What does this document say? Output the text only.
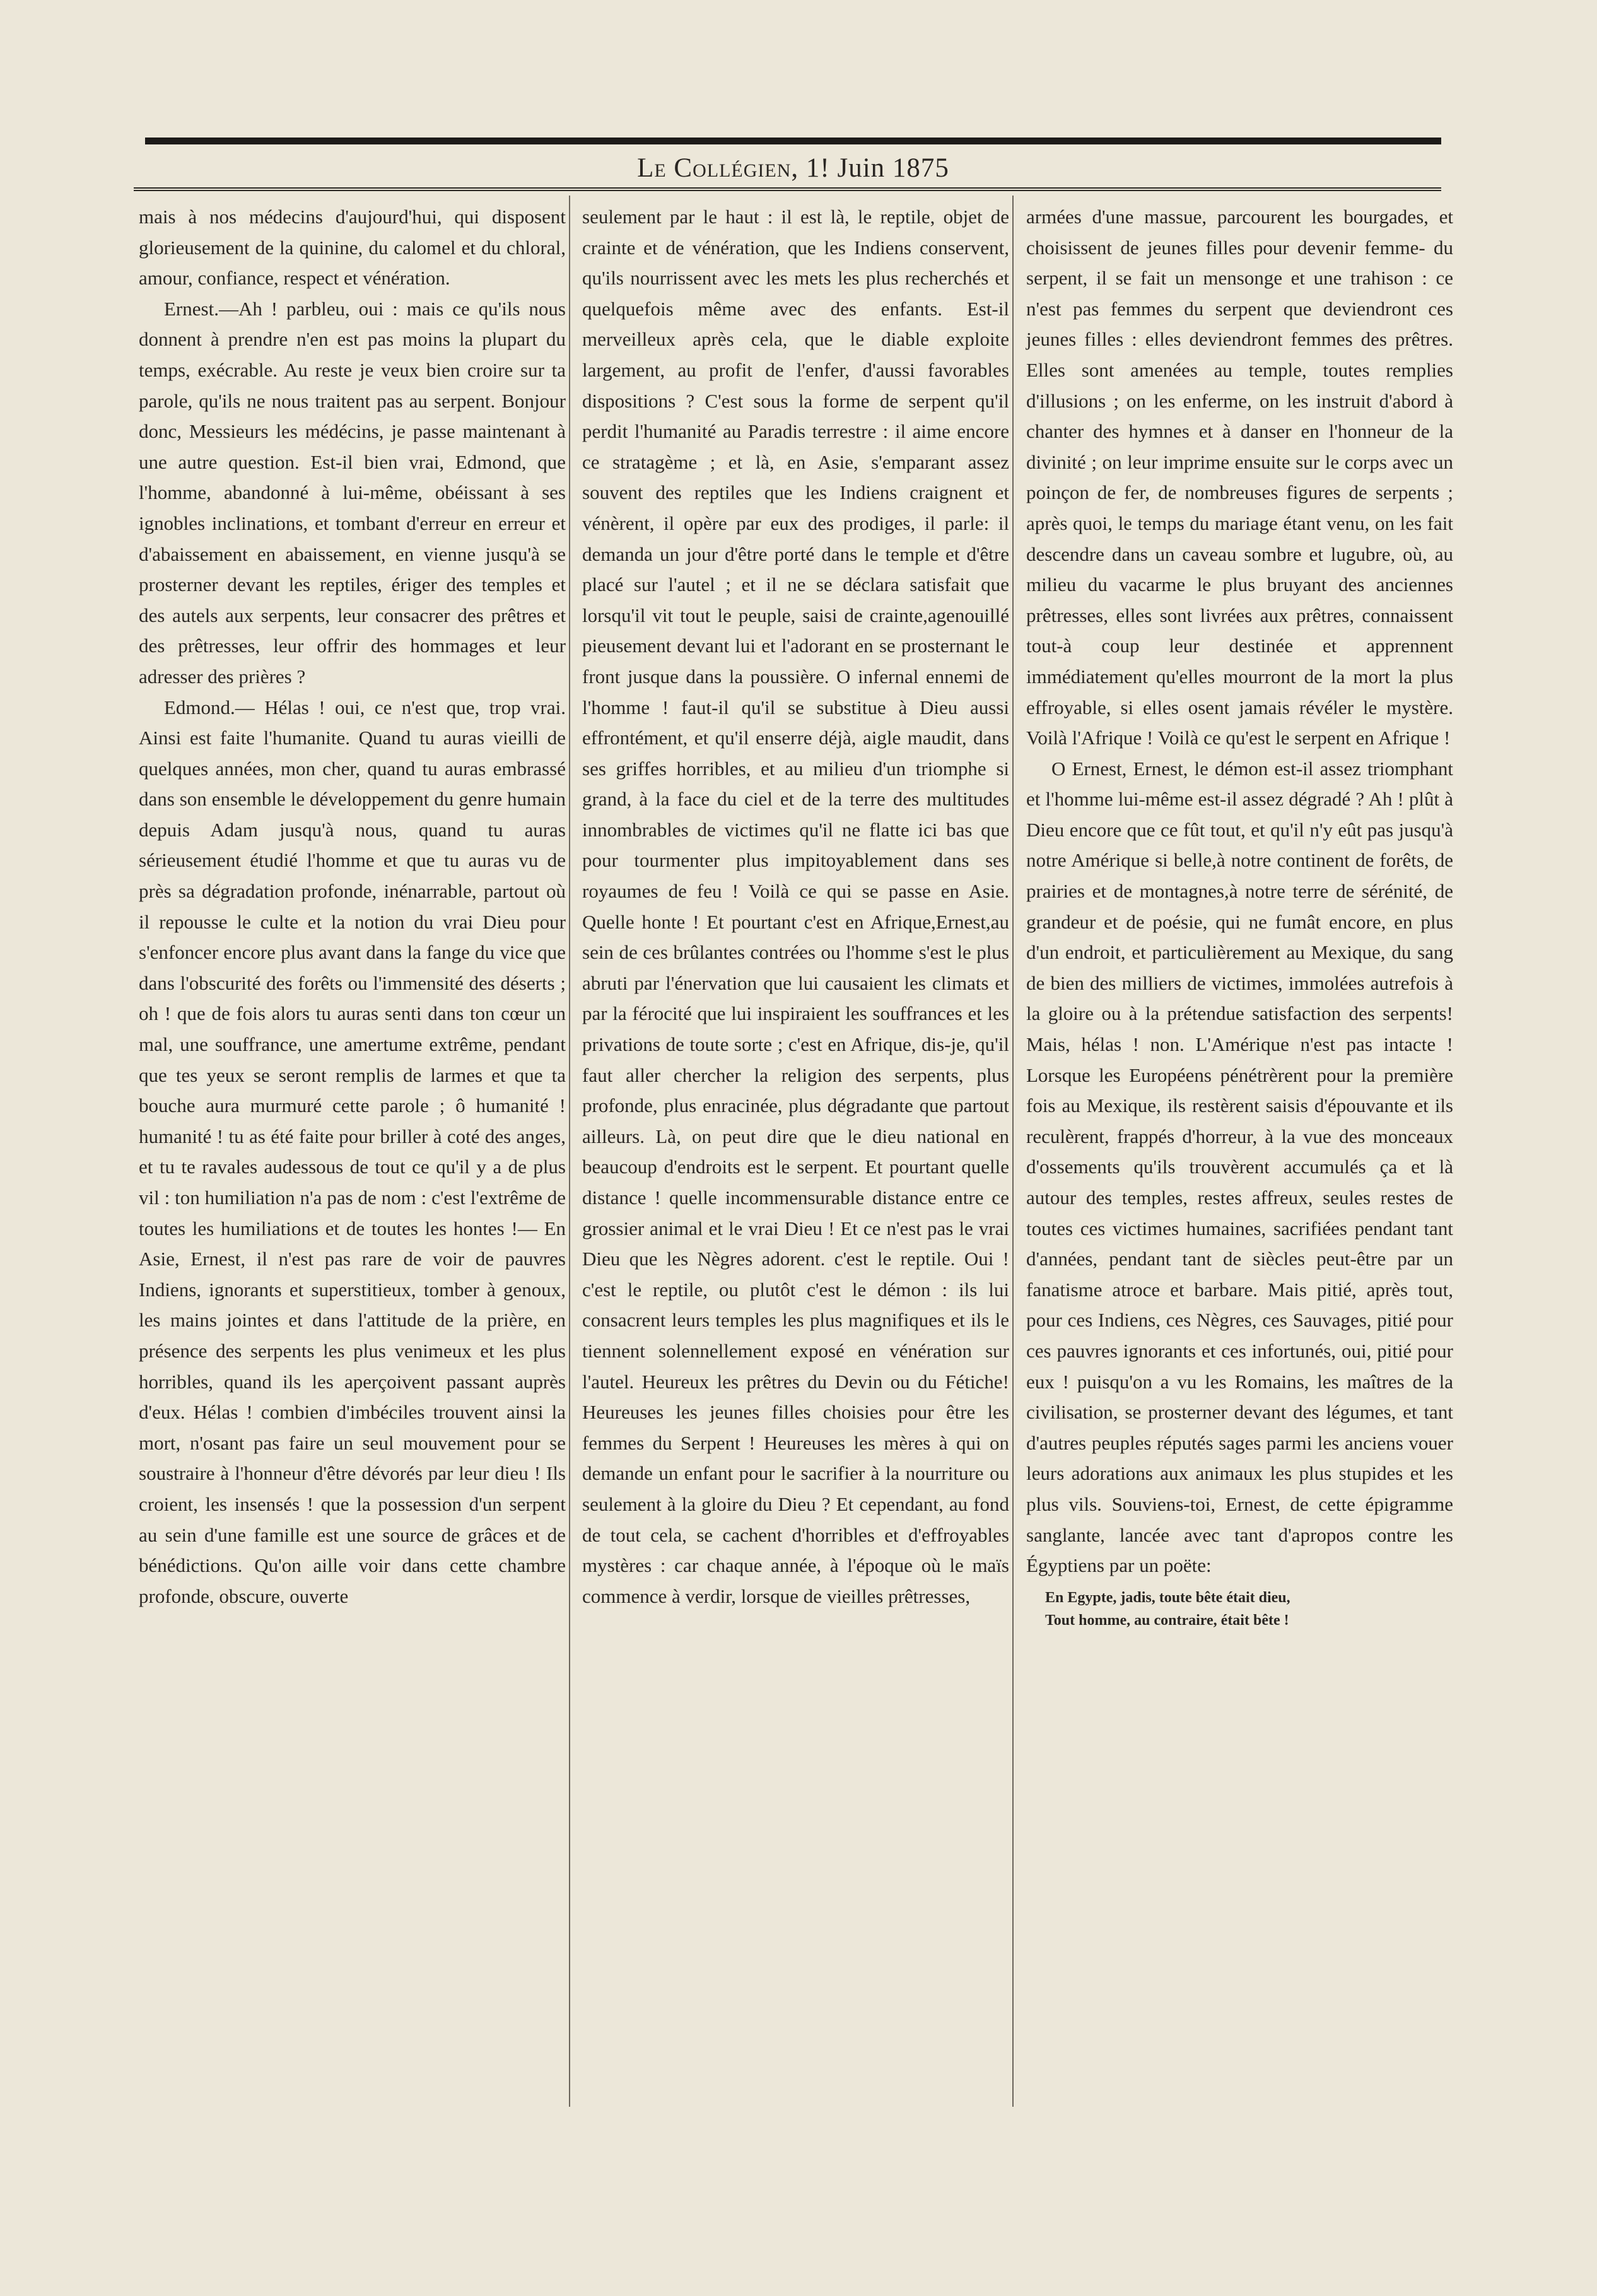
Le Collégien, 1! Juin 1875

mais à nos médecins d'aujourd'hui, qui disposent glorieusement de la quinine, du calomel et du chloral, amour, confiance, respect et vénération.

Ernest.—Ah ! parbleu, oui : mais ce qu'ils nous donnent à prendre n'en est pas moins la plupart du temps, exécrable. Au reste je veux bien croire sur ta parole, qu'ils ne nous traitent pas au serpent. Bonjour donc, Messieurs les médécins, je passe maintenant à une autre question. Est-il bien vrai, Edmond, que l'homme, abandonné à lui-même, obéissant à ses ignobles inclinations, et tombant d'erreur en erreur et d'abaissement en abaissement, en vienne jusqu'à se prosterner devant les reptiles, ériger des temples et des autels aux serpents, leur consacrer des prêtres et des prêtresses, leur offrir des hommages et leur adresser des prières ?

Edmond.— Hélas ! oui, ce n'est que, trop vrai. Ainsi est faite l'humanite. Quand tu auras vieilli de quelques années, mon cher, quand tu auras embrassé dans son ensemble le développement du genre humain depuis Adam jusqu'à nous, quand tu auras sérieusement étudié l'homme et que tu auras vu de près sa dégradation profonde, inénarrable, partout où il repousse le culte et la notion du vrai Dieu pour s'enfoncer encore plus avant dans la fange du vice que dans l'obscurité des forêts ou l'immensité des déserts ; oh ! que de fois alors tu auras senti dans ton cœur un mal, une souffrance, une amertume extrême, pendant que tes yeux se seront remplis de larmes et que ta bouche aura murmuré cette parole ; ô humanité ! humanité ! tu as été faite pour briller à coté des anges, et tu te ravales audessous de tout ce qu'il y a de plus vil : ton humiliation n'a pas de nom : c'est l'extrême de toutes les humiliations et de toutes les hontes !— En Asie, Ernest, il n'est pas rare de voir de pauvres Indiens, ignorants et superstitieux, tomber à genoux, les mains jointes et dans l'attitude de la prière, en présence des serpents les plus venimeux et les plus horribles, quand ils les aperçoivent passant auprès d'eux. Hélas ! combien d'imbéciles trouvent ainsi la mort, n'osant pas faire un seul mouvement pour se soustraire à l'honneur d'être dévorés par leur dieu ! Ils croient, les insensés ! que la possession d'un serpent au sein d'une famille est une source de grâces et de bénédictions. Qu'on aille voir dans cette chambre profonde, obscure, ouverte

seulement par le haut : il est là, le reptile, objet de crainte et de vénération, que les Indiens conservent, qu'ils nourrissent avec les mets les plus recherchés et quelquefois même avec des enfants. Est-il merveilleux après cela, que le diable exploite largement, au profit de l'enfer, d'aussi favorables dispositions ? C'est sous la forme de serpent qu'il perdit l'humanité au Paradis terrestre : il aime encore ce stratagème ; et là, en Asie, s'emparant assez souvent des reptiles que les Indiens craignent et vénèrent, il opère par eux des prodiges, il parle: il demanda un jour d'être porté dans le temple et d'être placé sur l'autel ; et il ne se déclara satisfait que lorsqu'il vit tout le peuple, saisi de crainte,agenouillé pieusement devant lui et l'adorant en se prosternant le front jusque dans la poussière. O infernal ennemi de l'homme ! faut-il qu'il se substitue à Dieu aussi effrontément, et qu'il enserre déjà, aigle maudit, dans ses griffes horribles, et au milieu d'un triomphe si grand, à la face du ciel et de la terre des multitudes innombrables de victimes qu'il ne flatte ici bas que pour tourmenter plus impitoyablement dans ses royaumes de feu ! Voilà ce qui se passe en Asie. Quelle honte ! Et pourtant c'est en Afrique,Ernest,au sein de ces brûlantes contrées ou l'homme s'est le plus abruti par l'énervation que lui causaient les climats et par la férocité que lui inspiraient les souffrances et les privations de toute sorte ; c'est en Afrique, dis-je, qu'il faut aller chercher la religion des serpents, plus profonde, plus enracinée, plus dégradante que partout ailleurs. Là, on peut dire que le dieu national en beaucoup d'endroits est le serpent. Et pourtant quelle distance ! quelle incommensurable distance entre ce grossier animal et le vrai Dieu ! Et ce n'est pas le vrai Dieu que les Nègres adorent. c'est le reptile. Oui ! c'est le reptile, ou plutôt c'est le démon : ils lui consacrent leurs temples les plus magnifiques et ils le tiennent solennellement exposé en vénération sur l'autel. Heureux les prêtres du Devin ou du Fétiche! Heureuses les jeunes filles choisies pour être les femmes du Serpent ! Heureuses les mères à qui on demande un enfant pour le sacrifier à la nourriture ou seulement à la gloire du Dieu ? Et cependant, au fond de tout cela, se cachent d'horribles et d'effroyables mystères : car chaque année, à l'époque où le maïs commence à verdir, lorsque de vieilles prêtresses,

armées d'une massue, parcourent les bourgades, et choisissent de jeunes filles pour devenir femme- du serpent, il se fait un mensonge et une trahison : ce n'est pas femmes du serpent que deviendront ces jeunes filles : elles deviendront femmes des prêtres. Elles sont amenées au temple, toutes remplies d'illusions ; on les enferme, on les instruit d'abord à chanter des hymnes et à danser en l'honneur de la divinité ; on leur imprime ensuite sur le corps avec un poinçon de fer, de nombreuses figures de serpents ; après quoi, le temps du mariage étant venu, on les fait descendre dans un caveau sombre et lugubre, où, au milieu du vacarme le plus bruyant des anciennes prêtresses, elles sont livrées aux prêtres, connaissent tout-à coup leur destinée et apprennent immédiatement qu'elles mourront de la mort la plus effroyable, si elles osent jamais révéler le mystère. Voilà l'Afrique ! Voilà ce qu'est le serpent en Afrique !

O Ernest, Ernest, le démon est-il assez triomphant et l'homme lui-même est-il assez dégradé ? Ah ! plût à Dieu encore que ce fût tout, et qu'il n'y eût pas jusqu'à notre Amérique si belle,à notre continent de forêts, de prairies et de montagnes,à notre terre de sérénité, de grandeur et de poésie, qui ne fumât encore, en plus d'un endroit, et particulièrement au Mexique, du sang de bien des milliers de victimes, immolées autrefois à la gloire ou à la prétendue satisfaction des serpents! Mais, hélas ! non. L'Amérique n'est pas intacte ! Lorsque les Européens pénétrèrent pour la première fois au Mexique, ils restèrent saisis d'épouvante et ils reculèrent, frappés d'horreur, à la vue des monceaux d'ossements qu'ils trouvèrent accumulés ça et là autour des temples, restes affreux, seules restes de toutes ces victimes humaines, sacrifiées pendant tant d'années, pendant tant de siècles peut-être par un fanatisme atroce et barbare. Mais pitié, après tout, pour ces Indiens, ces Nègres, ces Sauvages, pitié pour ces pauvres ignorants et ces infortunés, oui, pitié pour eux ! puisqu'on a vu les Romains, les maîtres de la civilisation, se prosterner devant des légumes, et tant d'autres peuples réputés sages parmi les anciens vouer leurs adorations aux animaux les plus stupides et les plus vils. Souviens-toi, Ernest, de cette épigramme sanglante, lancée avec tant d'apropos contre les Égyptiens par un poëte:

En Egypte, jadis, toute bête était dieu,
Tout homme, au contraire, était bête !
